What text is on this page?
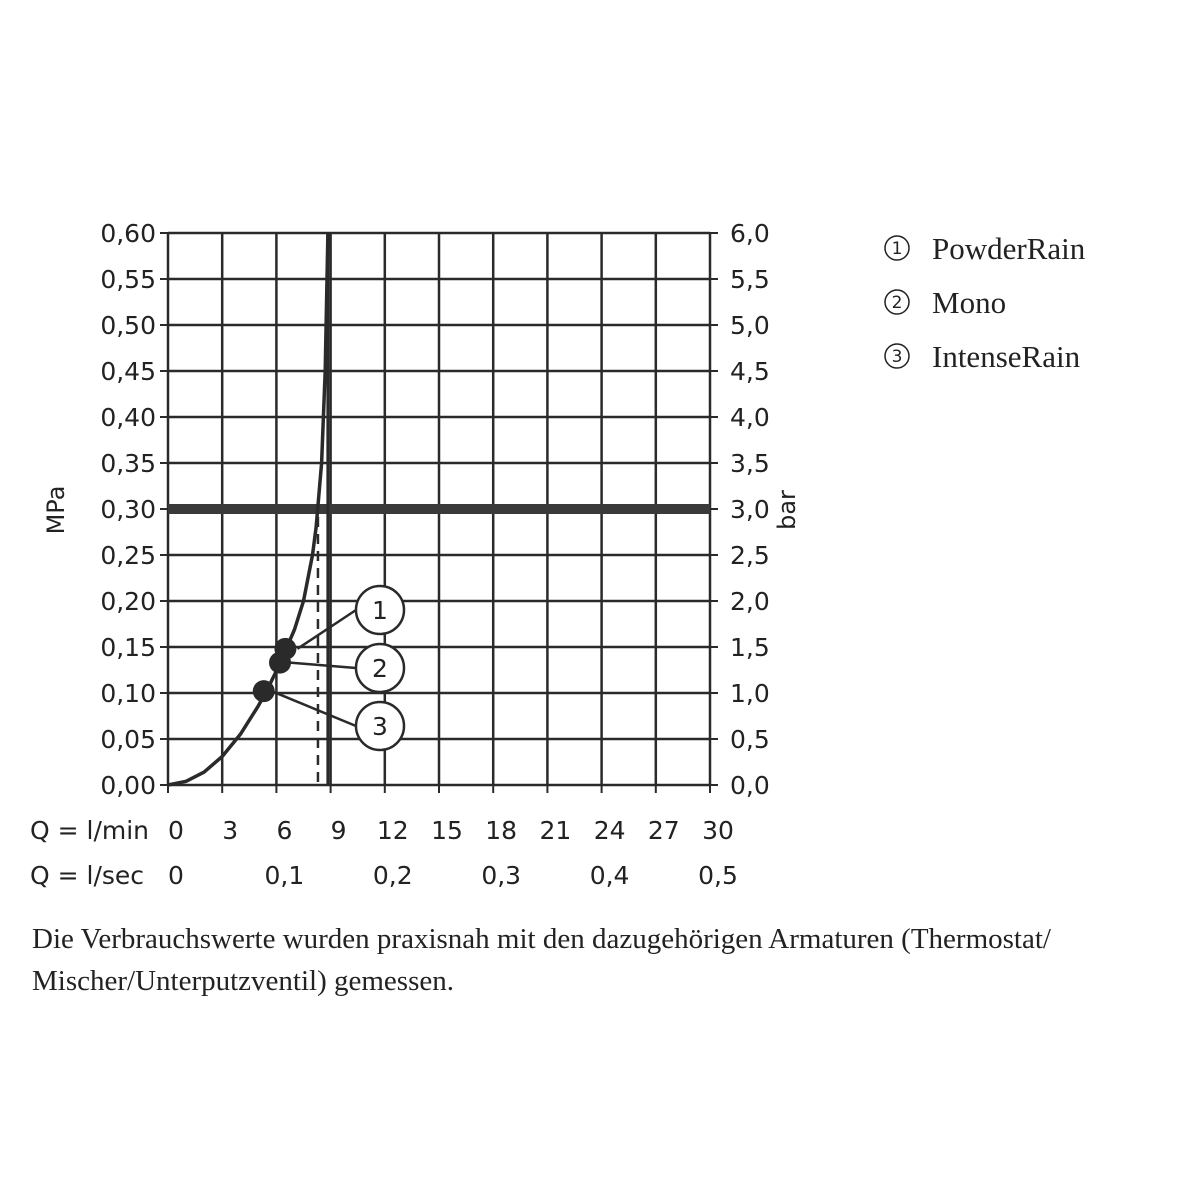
0,00
0,05
0,10
0,15
0,20
0,25
0,30
0,35
0,40
0,45
0,50
0,55
0,60
0,0
0,5
1,0
1,5
2,0
2,5
3,0
3,5
4,0
4,5
5,0
5,5
6,0
0 3 6 9 12 15 18 21 24 27 30
0	0,1	0,2	0,3	0,4	0,5
1
2
3
MPa	bar
Q = l/min
Q = l/sec
1 PowderRain
2 Mono
3 IntenseRain

Die Verbrauchswerte wurden praxisnah mit den dazugehörigen Armaturen (Thermostat/ Mischer/Unterputzventil) gemessen.
